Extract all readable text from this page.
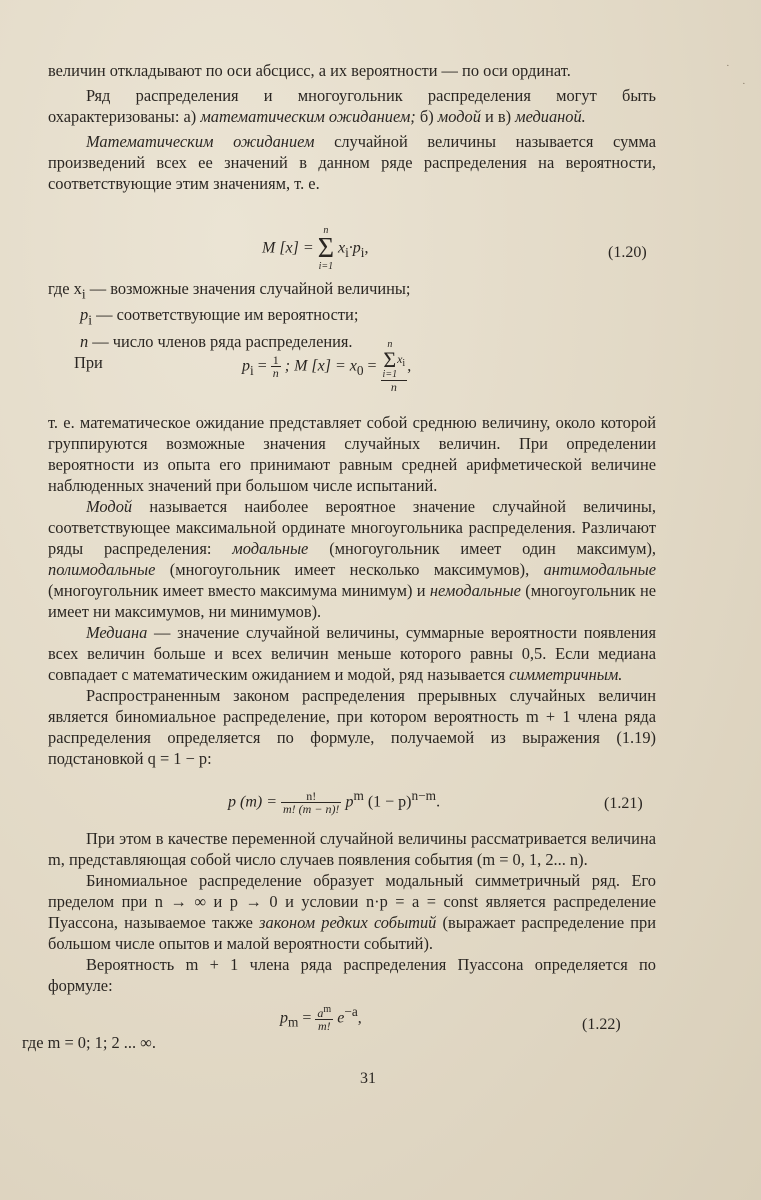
величин откладывают по оси абсцисс, а их вероятности — по оси ординат.

Ряд распределения и многоугольник распределения могут быть охарактеризованы: а) математическим ожиданием; б) модой и в) медианой.

Математическим ожиданием случайной величины называется сумма произведений всех ее значений в данном ряде распределения на вероятности, соответствующие этим значениям, т. е.

M [x] =
n
Σ
i=1
$x_i\cdot p_i$,	(1.20)

где $x_i$ — возможные значения случайной величины;

$p_i$ — соответствующие им вероятности;

n — число членов ряда распределения.

При	$p_i = \frac{1}{n}$ ; M $[x] = x_0 = n$
Σ
i=1
$x_i$
n ,

т. е. математическое ожидание представляет собой среднюю величину, около которой группируются возможные значения случайных величин. При определении вероятности из опыта его принимают равным средней арифметической величине наблюденных значений при большом числе испытаний.

Модой называется наиболее вероятное значение случайной величины, соответствующее максимальной ординате многоугольника распределения. Различают ряды распределения: модальные (многоугольник имеет один максимум), полимодальные (многоугольник имеет несколько максимумов), антимодальные (многоугольник имеет вместо максимума минимум) и немодальные (многоугольник не имеет ни максимумов, ни минимумов).

Медиана — значение случайной величины, суммарные вероятности появления всех величин больше и всех величин меньше которого равны 0,5. Если медиана совпадает с математическим ожиданием и модой, ряд называется симметричным.

Распространенным законом распределения прерывных случайных величин является биномиальное распределение, при котором вероятность m + 1 члена ряда распределения определяется по формуле, получаемой из выражения (1.19) подстановкой q = 1 − p:

p $(m) = \frac{n!}{m! (m - n)!} p^m$ $(1 - p)^{n-m}$.	(1.21)

При этом в качестве переменной случайной величины рассматривается величина m, представляющая собой число случаев появления события (m = 0, 1, 2... n).

Биномиальное распределение образует модальный симметричный ряд. Его пределом при n → ∞ и p → 0 и условии n·p = a = const является распределение Пуассона, называемое также законом редких событий (выражает распределение при большом числе опытов и малой вероятности событий).

Вероятность m + 1 члена ряда распределения Пуассона определяется по формуле:

$p_m = \frac{a^m}{m!} e^{-a}$,	(1.22)
где m = 0; 1; 2 ... ∞.
31
·
·
